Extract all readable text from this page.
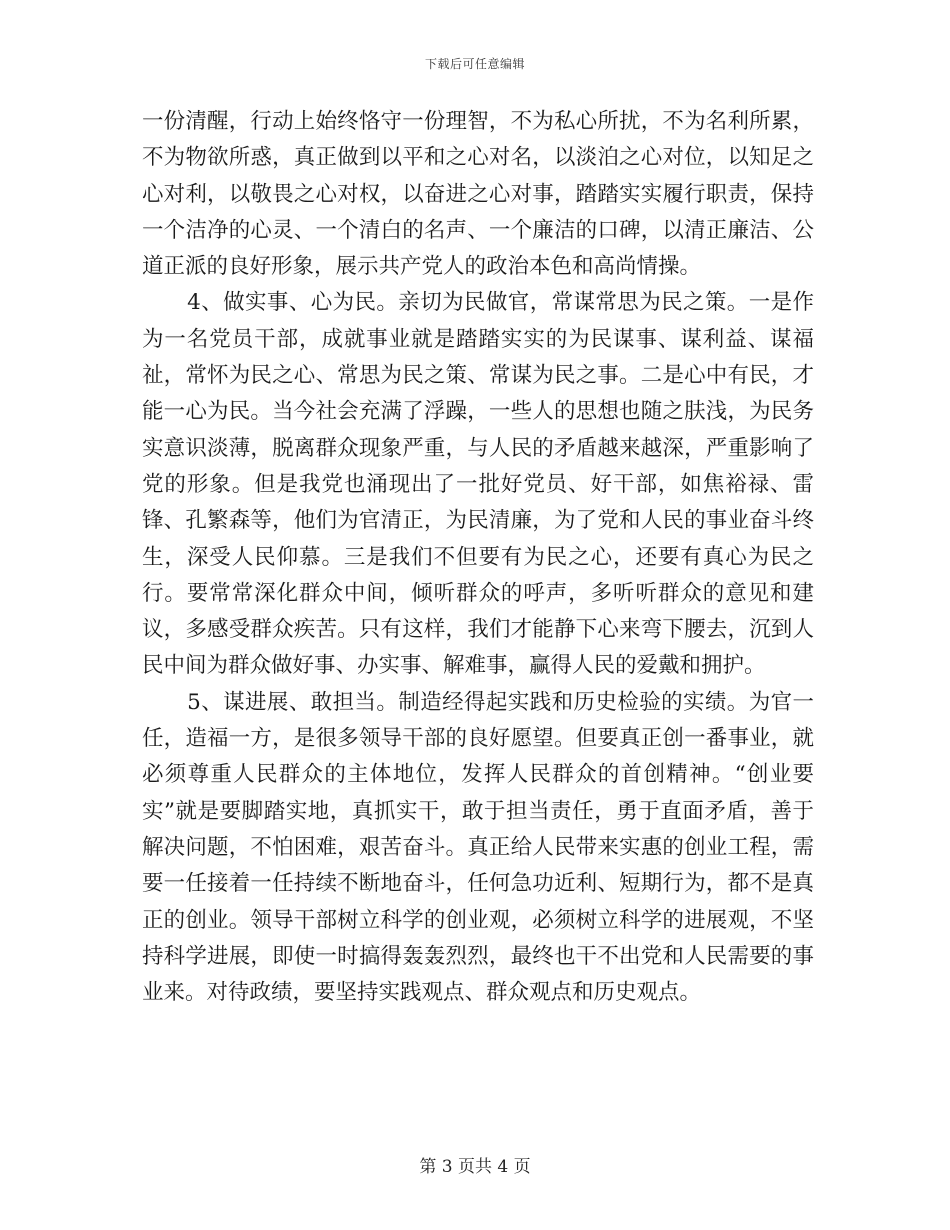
下载后可任意编辑

一份清醒，行动上始终恪守一份理智，不为私心所扰，不为名利所累，不为物欲所惑，真正做到以平和之心对名，以淡泊之心对位，以知足之心对利，以敬畏之心对权，以奋进之心对事，踏踏实实履行职责，保持一个洁净的心灵、一个清白的名声、一个廉洁的口碑，以清正廉洁、公道正派的良好形象，展示共产党人的政治本色和高尚情操。

4、做实事、心为民。亲切为民做官，常谋常思为民之策。一是作为一名党员干部，成就事业就是踏踏实实的为民谋事、谋利益、谋福祉，常怀为民之心、常思为民之策、常谋为民之事。二是心中有民，才能一心为民。当今社会充满了浮躁，一些人的思想也随之肤浅，为民务实意识淡薄，脱离群众现象严重，与人民的矛盾越来越深，严重影响了党的形象。但是我党也涌现出了一批好党员、好干部，如焦裕禄、雷锋、孔繁森等，他们为官清正，为民清廉，为了党和人民的事业奋斗终生，深受人民仰慕。三是我们不但要有为民之心，还要有真心为民之行。要常常深化群众中间，倾听群众的呼声，多听听群众的意见和建议，多感受群众疾苦。只有这样，我们才能静下心来弯下腰去，沉到人民中间为群众做好事、办实事、解难事，赢得人民的爱戴和拥护。

5、谋进展、敢担当。制造经得起实践和历史检验的实绩。为官一任，造福一方，是很多领导干部的良好愿望。但要真正创一番事业，就必须尊重人民群众的主体地位，发挥人民群众的首创精神。“创业要实”就是要脚踏实地，真抓实干，敢于担当责任，勇于直面矛盾，善于解决问题，不怕困难，艰苦奋斗。真正给人民带来实惠的创业工程，需要一任接着一任持续不断地奋斗，任何急功近利、短期行为，都不是真正的创业。领导干部树立科学的创业观，必须树立科学的进展观，不坚持科学进展，即使一时搞得轰轰烈烈，最终也干不出党和人民需要的事业来。对待政绩，要坚持实践观点、群众观点和历史观点。

第 3 页共 4 页
